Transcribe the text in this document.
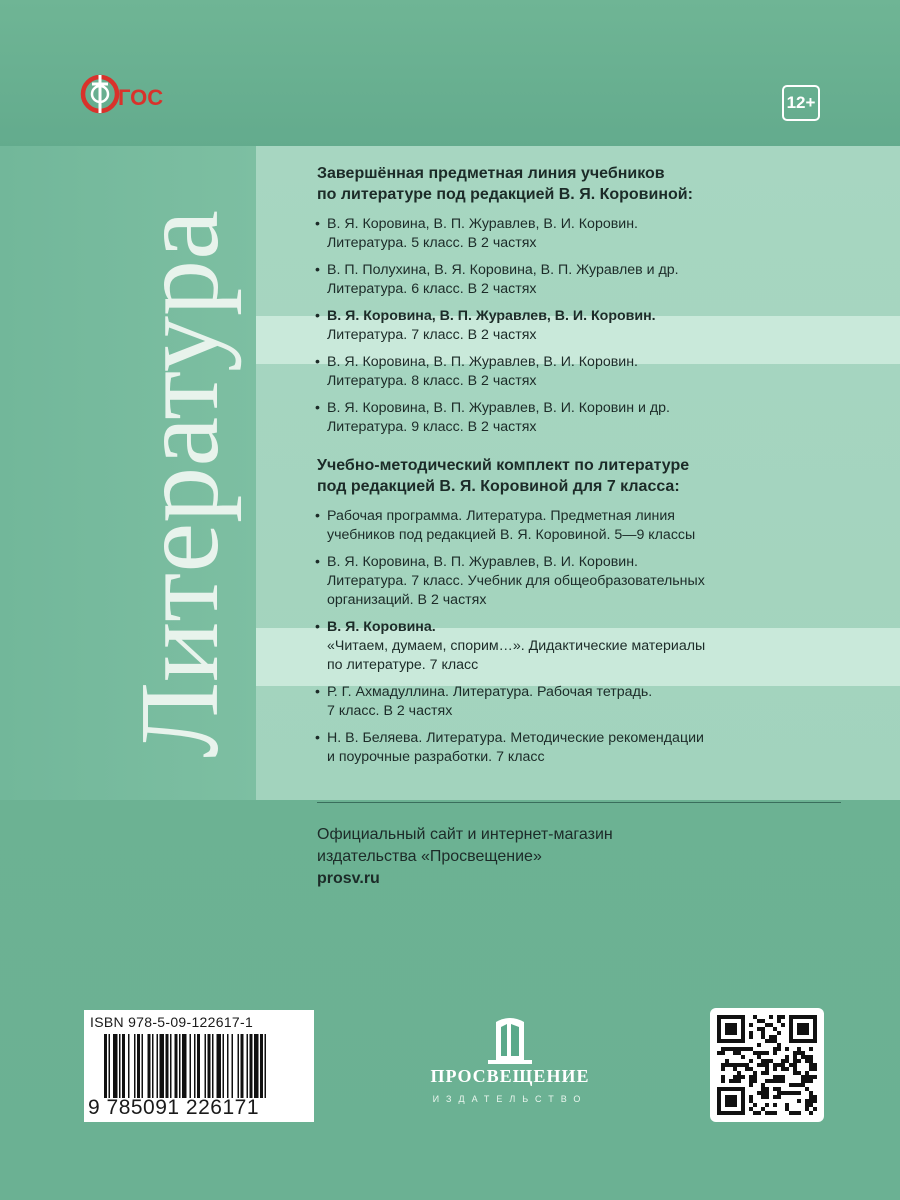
ГОС	12+
Литература
Завершённая предметная линия учебников
по литературе под редакцией В. Я. Коровиной:
• В. Я. Коровина, В. П. Журавлев, В. И. Коровин.
Литература. 5 класс. В 2 частях
• В. П. Полухина, В. Я. Коровина, В. П. Журавлев и др.
Литература. 6 класс. В 2 частях
• В. Я. Коровина, В. П. Журавлев, В. И. Коровин.
Литература. 7 класс. В 2 частях
• В. Я. Коровина, В. П. Журавлев, В. И. Коровин.
Литература. 8 класс. В 2 частях
• В. Я. Коровина, В. П. Журавлев, В. И. Коровин и др.
Литература. 9 класс. В 2 частях
Учебно-методический комплект по литературе
под редакцией В. Я. Коровиной для 7 класса:
• Рабочая программа. Литература. Предметная линия
учебников под редакцией В. Я. Коровиной. 5—9 классы
• В. Я. Коровина, В. П. Журавлев, В. И. Коровин.
Литература. 7 класс. Учебник для общеобразовательных
организаций. В 2 частях
• В. Я. Коровина.
«Читаем, думаем, спорим…». Дидактические материалы
по литературе. 7 класс
• Р. Г. Ахмадуллина. Литература. Рабочая тетрадь.
7 класс. В 2 частях
• Н. В. Беляева. Литература. Методические рекомендации
и поурочные разработки. 7 класс
Официальный сайт и интернет-магазин
издательства «Просвещение»
prosv.ru
ISBN 978-5-09-122617-1
9 785091 226171
ПРОСВЕЩЕНИЕ
ИЗДАТЕЛЬСТВО
